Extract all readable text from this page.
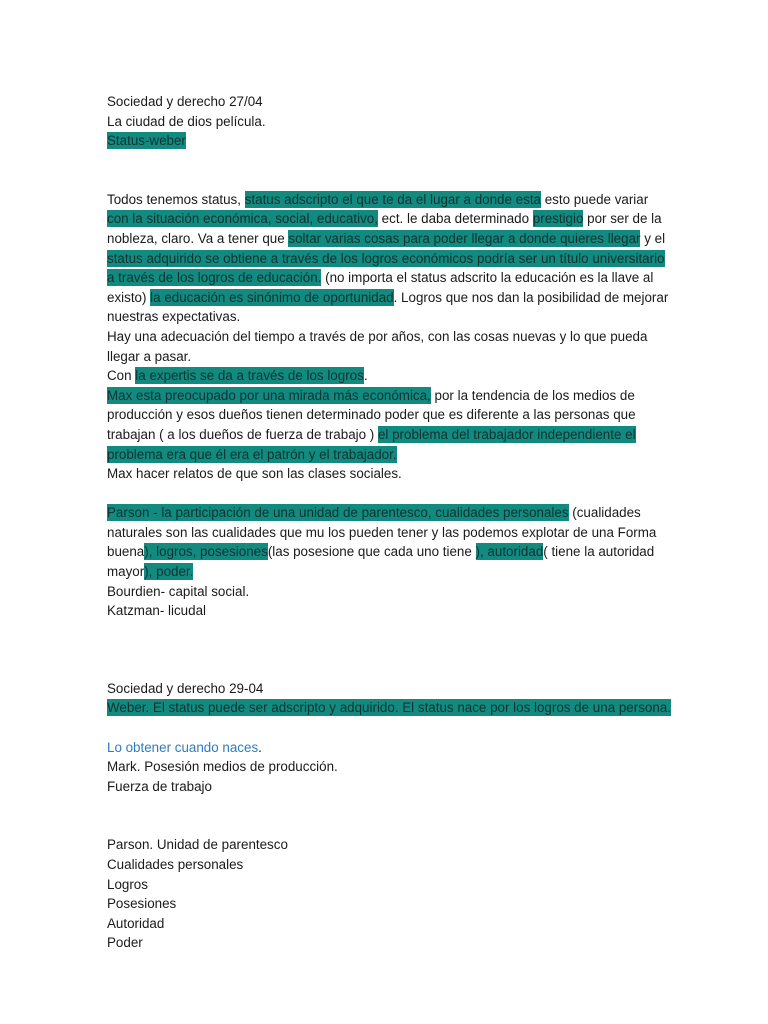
Sociedad y derecho 27/04
La ciudad de dios película.
Status-weber
Todos tenemos status, status adscripto el que te da el lugar a donde esta esto puede variar
con la situación económica, social, educativo, ect. le daba determinado prestigio por ser de la
nobleza, claro. Va a tener que soltar varias cosas para poder llegar a donde quieres llegar y el
status adquirido se obtiene a través de los logros económicos podría ser un título universitario
a través de los logros de educación. (no importa el status adscrito la educación es la llave al
existo) la educación es sinónimo de oportunidad. Logros que nos dan la posibilidad de mejorar
nuestras expectativas.
Hay una adecuación del tiempo a través de por años, con las cosas nuevas y lo que pueda
llegar a pasar.
Con la expertis se da a través de los logros.
Max esta preocupado por una mirada más económica, por la tendencia de los medios de
producción y esos dueños tienen determinado poder que es diferente a las personas que
trabajan ( a los dueños de fuerza de trabajo ) el problema del trabajador independiente el
problema era que él era el patrón y el trabajador.
Max hacer relatos de que son las clases sociales.
Parson - la participación de una unidad de parentesco, cualidades personales (cualidades
naturales son las cualidades que mu los pueden tener y las podemos explotar de una Forma
buena), logros, posesiones(las posesione que cada uno tiene ), autoridad( tiene la autoridad
mayor), poder.
Bourdien- capital social.
Katzman- licudal
Sociedad y derecho 29-04
Weber. El status puede ser adscripto y adquirido. El status nace por los logros de una persona.
Lo obtener cuando naces.
Mark. Posesión medios de producción.
Fuerza de trabajo
Parson. Unidad de parentesco
Cualidades personales
Logros
Posesiones
Autoridad
Poder
